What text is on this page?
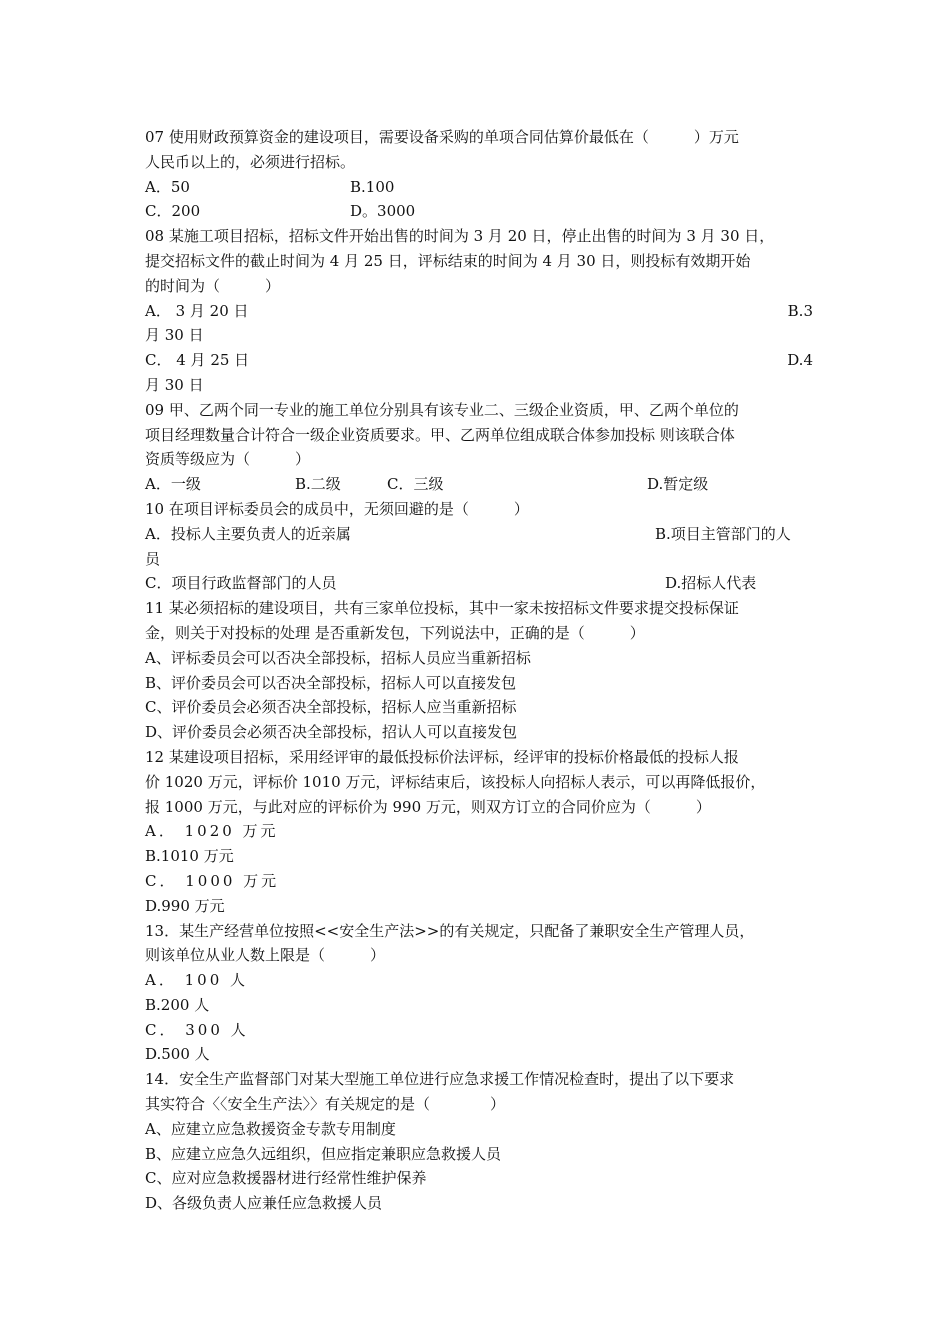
07 使用财政预算资金的建设项目，需要设备采购的单项合同估算价最低在（　　　）万元
人民币以上的，必须进行招标。
A．50	B.100
C．200	D。3000
08 某施工项目招标，招标文件开始出售的时间为 3 月 20 日，停止出售的时间为 3 月 30 日，
提交招标文件的截止时间为 4 月 25 日，评标结束的时间为 4 月 30 日，则投标有效期开始
的时间为（　　　）
A． 3 月 20 日	B.3
月 30 日
C． 4 月 25 日	D.4
月 30 日
09 甲、乙两个同一专业的施工单位分别具有该专业二、三级企业资质，甲、乙两个单位的
项目经理数量合计符合一级企业资质要求。甲、乙两单位组成联合体参加投标 则该联合体
资质等级应为（　　　）
A．一级	B.二级	C．三级	D.暂定级
10 在项目评标委员会的成员中，无须回避的是（　　　）
A．投标人主要负责人的近亲属	B.项目主管部门的人
员
C．项目行政监督部门的人员	D.招标人代表
11 某必须招标的建设项目，共有三家单位投标，其中一家未按招标文件要求提交投标保证
金，则关于对投标的处理 是否重新发包，下列说法中，正确的是（　　　）
A、评标委员会可以否决全部投标，招标人员应当重新招标
B、评价委员会可以否决全部投标，招标人可以直接发包
C、评价委员会必须否决全部投标，招标人应当重新招标
D、评价委员会必须否决全部投标，招认人可以直接发包
12 某建设项目招标，采用经评审的最低投标价法评标，经评审的投标价格最低的投标人报
价 1020 万元，评标价 1010 万元，评标结束后，该投标人向招标人表示，可以再降低报价，
报 1000 万元，与此对应的评标价为 990 万元，则双方订立的合同价应为（　　　）
A． 1020 万元
B.1010 万元
C． 1000 万元
D.990 万元
13．某生产经营单位按照<<安全生产法>>的有关规定，只配备了兼职安全生产管理人员，
则该单位从业人数上限是（　　　）
A． 100 人
B.200 人
C． 300 人
D.500 人
14．安全生产监督部门对某大型施工单位进行应急求援工作情况检查时，提出了以下要求
其实符合〈〈安全生产法〉〉有关规定的是（　　　　）
A、应建立应急救援资金专款专用制度
B、应建立应急久远组织，但应指定兼职应急救援人员
C、应对应急救援器材进行经常性维护保养
D、各级负责人应兼任应急救援人员
